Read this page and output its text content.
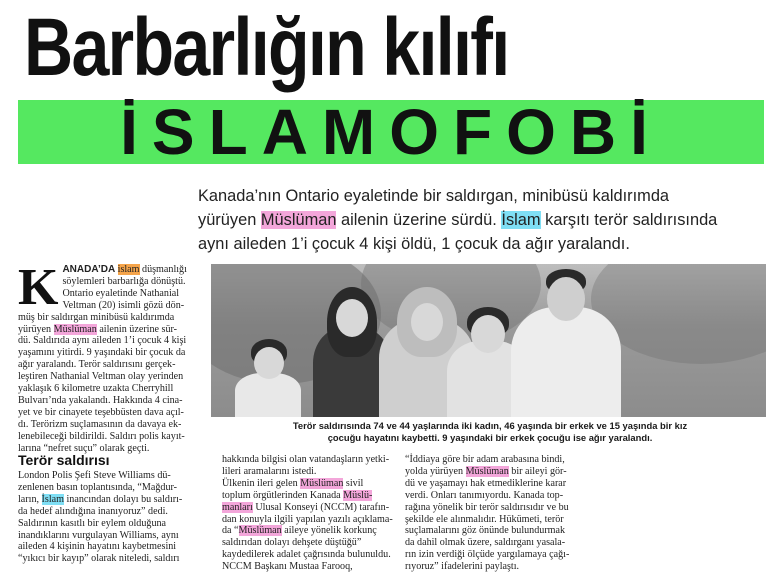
Barbarlığın kılıfı
İSLAMOFOBİ

Kanada’nın Ontario eyaletinde bir saldırgan, minibüsü kaldırımda

yürüyen Müslüman ailenin üzerine sürdü. İslam karşıtı terör saldırısında

aynı aileden 1’i çocuk 4 kişi öldü, 1 çocuk da ağır yaralandı.

K ANADA’DA islam düşmanlığı

söylemleri barbarlığa dönüştü.

Ontario eyaletinde Nathanial

Veltman (20) isimli gözü dön-

müş bir saldırgan minibüsü kaldırımda

yürüyen Müslüman ailenin üzerine sür-

dü. Saldırıda aynı aileden 1’i çocuk 4 kişi

yaşamını yitirdi. 9 yaşındaki bir çocuk da

ağır yaralandı. Terör saldırısını gerçek-

leştiren Nathanial Veltman olay yerinden

yaklaşık 6 kilometre uzakta Cherryhill

Bulvarı’nda yakalandı. Hakkında 4 cina-

yet ve bir cinayete teşebbüsten dava açıl-

dı. Terörizm suçlamasının da davaya ek-

lenebileceği bildirildi. Saldırı polis kayıt-

larına “nefret suçu” olarak geçti.

Terör saldırısı

London Polis Şefi Steve Williams dü-

zenlenen basın toplantısında, “Mağdur-

ların, İslam inancından dolayı bu saldırı-

da hedef alındığına inanıyoruz” dedi.

Saldırının kasıtlı bir eylem olduğuna

inandıklarını vurgulayan Williams, aynı

aileden 4 kişinin hayatını kaybetmesini

“yıkıcı bir kayıp” olarak niteledi, saldırı

Terör saldırısında 74 ve 44 yaşlarında iki kadın, 46 yaşında bir erkek ve 15 yaşında bir kız

çocuğu hayatını kaybetti. 9 yaşındaki bir erkek çocuğu ise ağır yaralandı.

hakkında bilgisi olan vatandaşların yetki-

lileri aramalarını istedi.

Ülkenin ileri gelen Müslüman sivil

toplum örgütlerinden Kanada Müslü-

manları Ulusal Konseyi (NCCM) tarafın-

dan konuyla ilgili yapılan yazılı açıklama-

da “Müslüman aileye yönelik korkunç

saldırıdan dolayı dehşete düştüğü”

kaydedilerek adalet çağrısında bulunuldu.

NCCM Başkanı Mustaa Farooq,

“İddiaya göre bir adam arabasına bindi,

yolda yürüyen Müslüman bir aileyi gör-

dü ve yaşamayı hak etmediklerine karar

verdi. Onları tanımıyordu. Kanada top-

rağına yönelik bir terör saldırısıdır ve bu

şekilde ele alınmalıdır. Hükümeti, terör

suçlamalarını göz önünde bulundurmak

da dahil olmak üzere, saldırganı yasala-

rın izin verdiği ölçüde yargılamaya çağı-

rıyoruz” ifadelerini paylaştı.
